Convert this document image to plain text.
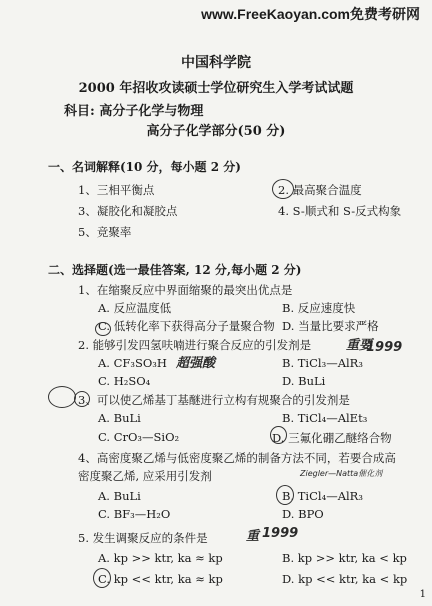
www.FreeKaoyan.com免费考研网
中国科学院
2000 年招收攻读硕士学位研究生入学考试试题
科目: 高分子化学与物理
高分子化学部分(50 分)
一、名词解释(10 分，每小题 2 分)
1、三相平衡点	2. 最高聚合温度
3、凝胶化和凝胶点	4. S-顺式和 S-反式构象
5、竞聚率
二、选择题(选一最佳答案, 12 分,每小题 2 分)
1、在缩聚反应中界面缩聚的最突出优点是
A. 反应温度低	B. 反应速度快
C. 低转化率下获得高分子量聚合物 D. 当量比要求严格
2. 能够引发四氢呋喃进行聚合反应的引发剂是
A. CF₃SO₃H 超强酸	B. TiCl₃—AlR₃
重要
1999
C. H₂SO₄	D. BuLi
3、可以使乙烯基丁基醚进行立构有规聚合的引发剂是
A. BuLi	B. TiCl₄—AlEt₃
C. CrO₃—SiO₂	D. 三氟化硼乙醚络合物
4、高密度聚乙烯与低密度聚乙烯的制备方法不同，若要合成高
密度聚乙烯, 应采用引发剂	Ziegler—Natta催化剂
A. BuLi	B. TiCl₄—AlR₃
C. BF₃—H₂O	D. BPO
5. 发生调聚反应的条件是	重 1999
A. kp >> ktr, ka ≈ kp	B. kp >> ktr, ka < kp
C. kp << ktr, ka ≈ kp	D. kp << ktr, ka < kp
1
